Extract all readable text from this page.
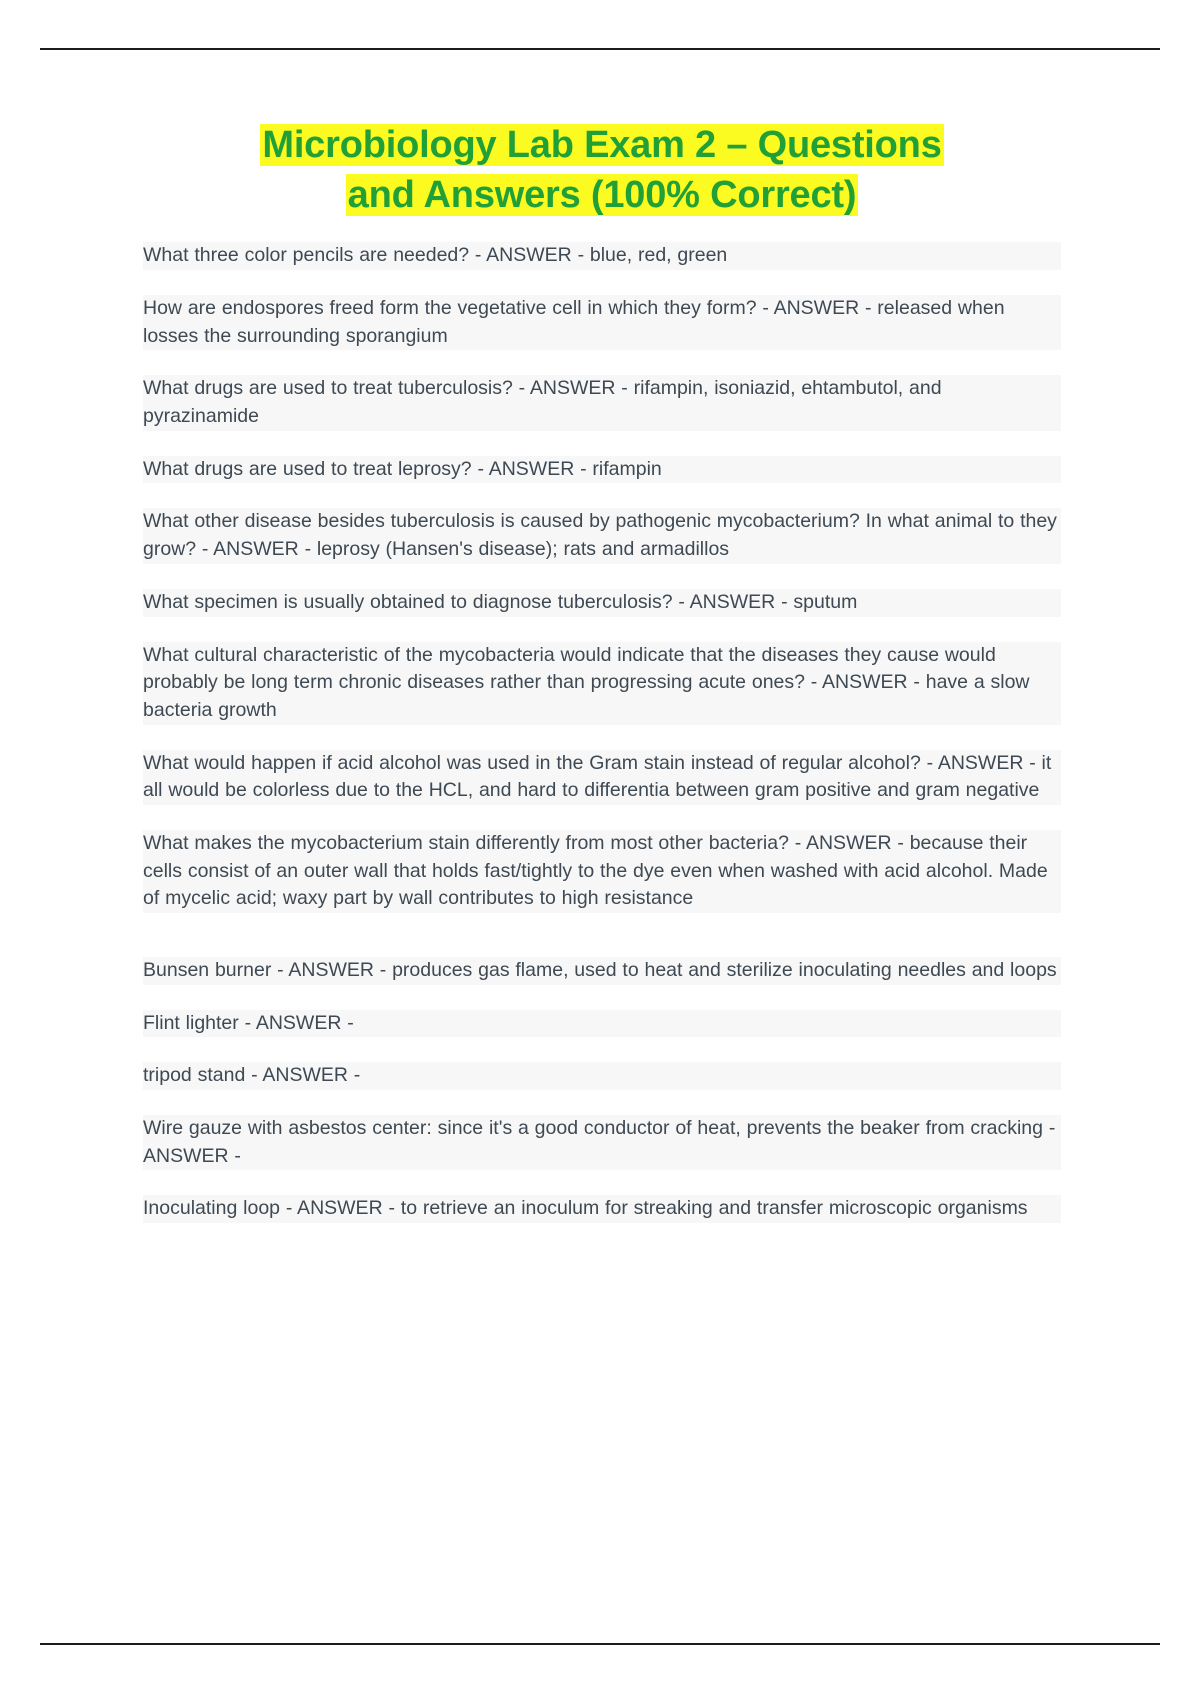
Microbiology Lab Exam 2 – Questions
and Answers (100% Correct)

What three color pencils are needed? - ANSWER - blue, red, green

How are endospores freed form the vegetative cell in which they form? - ANSWER - released when losses the surrounding sporangium

What drugs are used to treat tuberculosis? - ANSWER - rifampin, isoniazid, ehtambutol, and pyrazinamide

What drugs are used to treat leprosy? - ANSWER - rifampin

What other disease besides tuberculosis is caused by pathogenic mycobacterium? In what animal to they grow? - ANSWER - leprosy (Hansen's disease); rats and armadillos

What specimen is usually obtained to diagnose tuberculosis? - ANSWER - sputum

What cultural characteristic of the mycobacteria would indicate that the diseases they cause would probably be long term chronic diseases rather than progressing acute ones? - ANSWER - have a slow bacteria growth

What would happen if acid alcohol was used in the Gram stain instead of regular alcohol? - ANSWER - it all would be colorless due to the HCL, and hard to differentia between gram positive and gram negative

What makes the mycobacterium stain differently from most other bacteria? - ANSWER - because their cells consist of an outer wall that holds fast/tightly to the dye even when washed with acid alcohol. Made of mycelic acid; waxy part by wall contributes to high resistance

Bunsen burner - ANSWER - produces gas flame, used to heat and sterilize inoculating needles and loops

Flint lighter - ANSWER -

tripod stand - ANSWER -

Wire gauze with asbestos center: since it's a good conductor of heat, prevents the beaker from cracking - ANSWER -

Inoculating loop - ANSWER - to retrieve an inoculum for streaking and transfer microscopic organisms
